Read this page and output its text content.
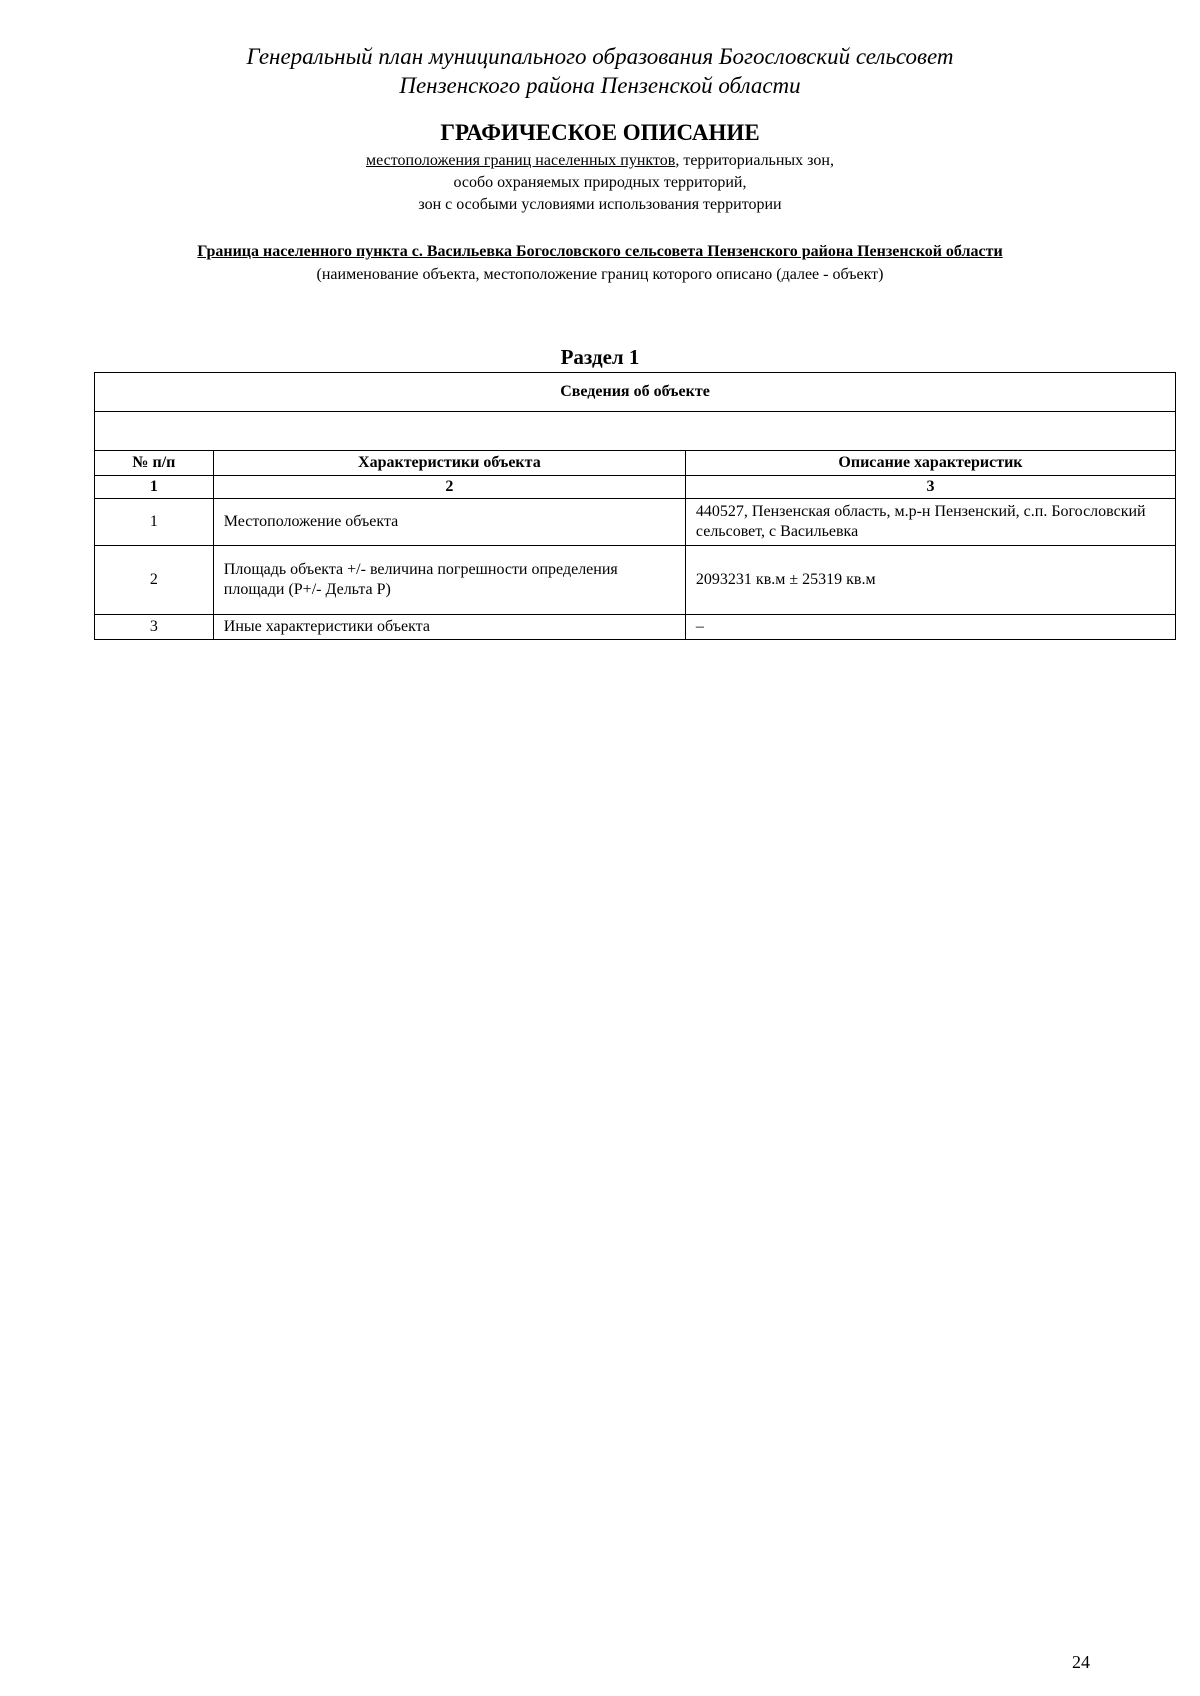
Генеральный план муниципального образования Богословский сельсовет
Пензенского района Пензенской области
ГРАФИЧЕСКОЕ ОПИСАНИЕ
местоположения границ населенных пунктов, территориальных зон,
особо охраняемых природных территорий,
зон с особыми условиями использования территории
Граница населенного пункта с. Васильевка Богословского сельсовета Пензенского района Пензенской области
(наименование объекта, местоположение границ которого описано (далее - объект)
Раздел 1
Сведения об объекте		

№ п/п	Характеристики объекта	Описание характеристик
1	2	3
1	Местоположение объекта	440527, Пензенская область, м.р-н Пензенский, с.п. Богословский сельсовет, с Васильевка
2	Площадь объекта +/- величина погрешности определения площади (Р+/- Дельта Р)	2093231 кв.м ± 25319 кв.м
3	Иные характеристики объекта	–
24
